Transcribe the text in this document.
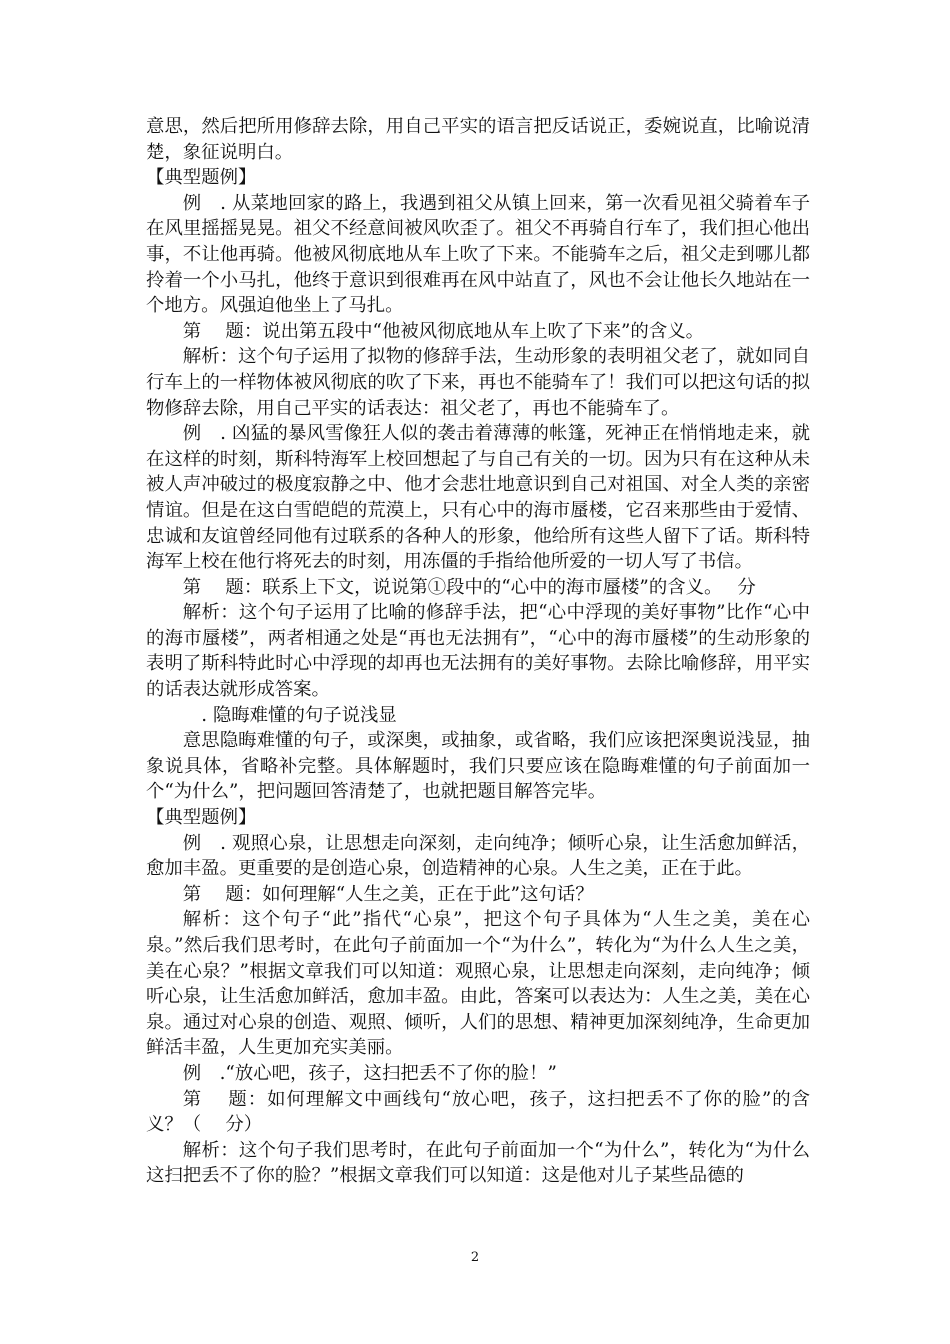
意思，然后把所用修辞去除，用自己平实的语言把反话说正，委婉说直，比喻说清楚，象征说明白。

【典型题例】

例　. 从菜地回家的路上，我遇到祖父从镇上回来，第一次看见祖父骑着车子在风里摇摇晃晃。祖父不经意间被风吹歪了。祖父不再骑自行车了，我们担心他出事，不让他再骑。他被风彻底地从车上吹了下来。不能骑车之后，祖父走到哪儿都拎着一个小马扎，他终于意识到很难再在风中站直了，风也不会让他长久地站在一个地方。风强迫他坐上了马扎。

第　 题：说出第五段中“他被风彻底地从车上吹了下来”的含义。

解析：这个句子运用了拟物的修辞手法，生动形象的表明祖父老了，就如同自行车上的一样物体被风彻底的吹了下来，再也不能骑车了！我们可以把这句话的拟物修辞去除，用自己平实的话表达：祖父老了，再也不能骑车了。

例　. 凶猛的暴风雪像狂人似的袭击着薄薄的帐篷，死神正在悄悄地走来，就在这样的时刻，斯科特海军上校回想起了与自己有关的一切。因为只有在这种从未被人声冲破过的极度寂静之中、他才会悲壮地意识到自己对祖国、对全人类的亲密情谊。但是在这白雪皑皑的荒漠上，只有心中的海市蜃楼，它召来那些由于爱情、忠诚和友谊曾经同他有过联系的各种人的形象，他给所有这些人留下了话。斯科特海军上校在他行将死去的时刻，用冻僵的手指给他所爱的一切人写了书信。

第　 题：联系上下文，说说第①段中的“心中的海市蜃楼”的含义。　 分

解析：这个句子运用了比喻的修辞手法，把“心中浮现的美好事物”比作“心中的海市蜃楼”，两者相通之处是“再也无法拥有”，“心中的海市蜃楼”的生动形象的表明了斯科特此时心中浮现的却再也无法拥有的美好事物。去除比喻修辞，用平实的话表达就形成答案。

　. 隐晦难懂的句子说浅显

意思隐晦难懂的句子，或深奥，或抽象，或省略，我们应该把深奥说浅显，抽象说具体，省略补完整。具体解题时，我们只要应该在隐晦难懂的句子前面加一个“为什么”，把问题回答清楚了，也就把题目解答完毕。

【典型题例】

例　. 观照心泉，让思想走向深刻，走向纯净；倾听心泉，让生活愈加鲜活，愈加丰盈。更重要的是创造心泉，创造精神的心泉。人生之美，正在于此。

第　 题：如何理解“人生之美，正在于此”这句话？

解析：这个句子“此”指代“心泉”，把这个句子具体为“人生之美，美在心泉。”然后我们思考时，在此句子前面加一个“为什么”，转化为“为什么人生之美，美在心泉？”根据文章我们可以知道：观照心泉，让思想走向深刻，走向纯净；倾听心泉，让生活愈加鲜活，愈加丰盈。由此，答案可以表达为：人生之美，美在心泉。通过对心泉的创造、观照、倾听，人们的思想、精神更加深刻纯净，生命更加鲜活丰盈，人生更加充实美丽。

例　.“放心吧，孩子，这扫把丢不了你的脸！”

第　 题：如何理解文中画线句“放心吧，孩子，这扫把丢不了你的脸”的含义？（　 分）

解析：这个句子我们思考时，在此句子前面加一个“为什么”，转化为“为什么这扫把丢不了你的脸？”根据文章我们可以知道：这是他对儿子某些品德的

2
